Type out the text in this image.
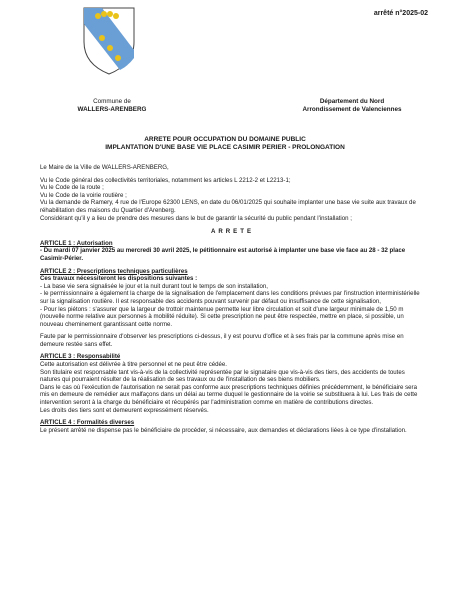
arrêté n°2025-02
Commune de
WALLERS-ARENBERG
Département du Nord
Arrondissement de Valenciennes
ARRETE POUR OCCUPATION DU DOMAINE PUBLIC
IMPLANTATION D'UNE BASE VIE PLACE CASIMIR PERIER - PROLONGATION

Le Maire de la Ville de WALLERS-ARENBERG,

Vu le Code général des collectivités territoriales, notamment les articles L 2212-2 et L2213-1;

Vu le Code de la route ;

Vu le Code de la voirie routière ;

Vu la demande de Ramery, 4 rue de l'Europe 62300 LENS, en date du 06/01/2025 qui souhaite implanter une base vie suite aux travaux de réhabilitation des maisons du Quartier d'Arenberg.

Considérant qu'il y a lieu de prendre des mesures dans le but de garantir la sécurité du public pendant l'installation ;

ARRETE

ARTICLE 1 : Autorisation

- Du mardi 07 janvier 2025 au mercredi 30 avril 2025, le pétitionnaire est autorisé à implanter une base vie face au 28 - 32 place Casimir-Périer.

ARTICLE 2 : Prescriptions techniques particulières

Ces travaux nécessiteront les dispositions suivantes :

- La base vie sera signalisée le jour et la nuit durant tout le temps de son installation,

- le permissionnaire a également la charge de la signalisation de l'emplacement dans les conditions prévues par l'instruction interministérielle sur la signalisation routière. Il est responsable des accidents pouvant survenir par défaut ou insuffisance de cette signalisation,

- Pour les piétons : s'assurer que la largeur de trottoir maintenue permette leur libre circulation et soit d'une largeur minimale de 1,50 m (nouvelle norme relative aux personnes à mobilité réduite). Si cette prescription ne peut être respectée, mettre en place, si possible, un nouveau cheminement garantissant cette norme.

Faute par le permissionnaire d'observer les prescriptions ci-dessus, il y est pourvu d'office et à ses frais par la commune après mise en demeure restée sans effet.

ARTICLE 3 : Responsabilité

Cette autorisation est délivrée à titre personnel et ne peut être cédée.

Son titulaire est responsable tant vis-à-vis de la collectivité représentée par le signataire que vis-à-vis des tiers, des accidents de toutes natures qui pourraient résulter de la réalisation de ses travaux ou de l'installation de ses biens mobiliers.

Dans le cas où l'exécution de l'autorisation ne serait pas conforme aux prescriptions techniques définies précédemment, le bénéficiaire sera mis en demeure de remédier aux malfaçons dans un délai au terme duquel le gestionnaire de la voirie se substituera à lui. Les frais de cette intervention seront à la charge du bénéficiaire et récupérés par l'administration comme en matière de contributions directes.

Les droits des tiers sont et demeurent expressément réservés.

ARTICLE 4 : Formalités diverses

Le présent arrêté ne dispense pas le bénéficiaire de procéder, si nécessaire, aux demandes et déclarations liées à ce type d'installation.
